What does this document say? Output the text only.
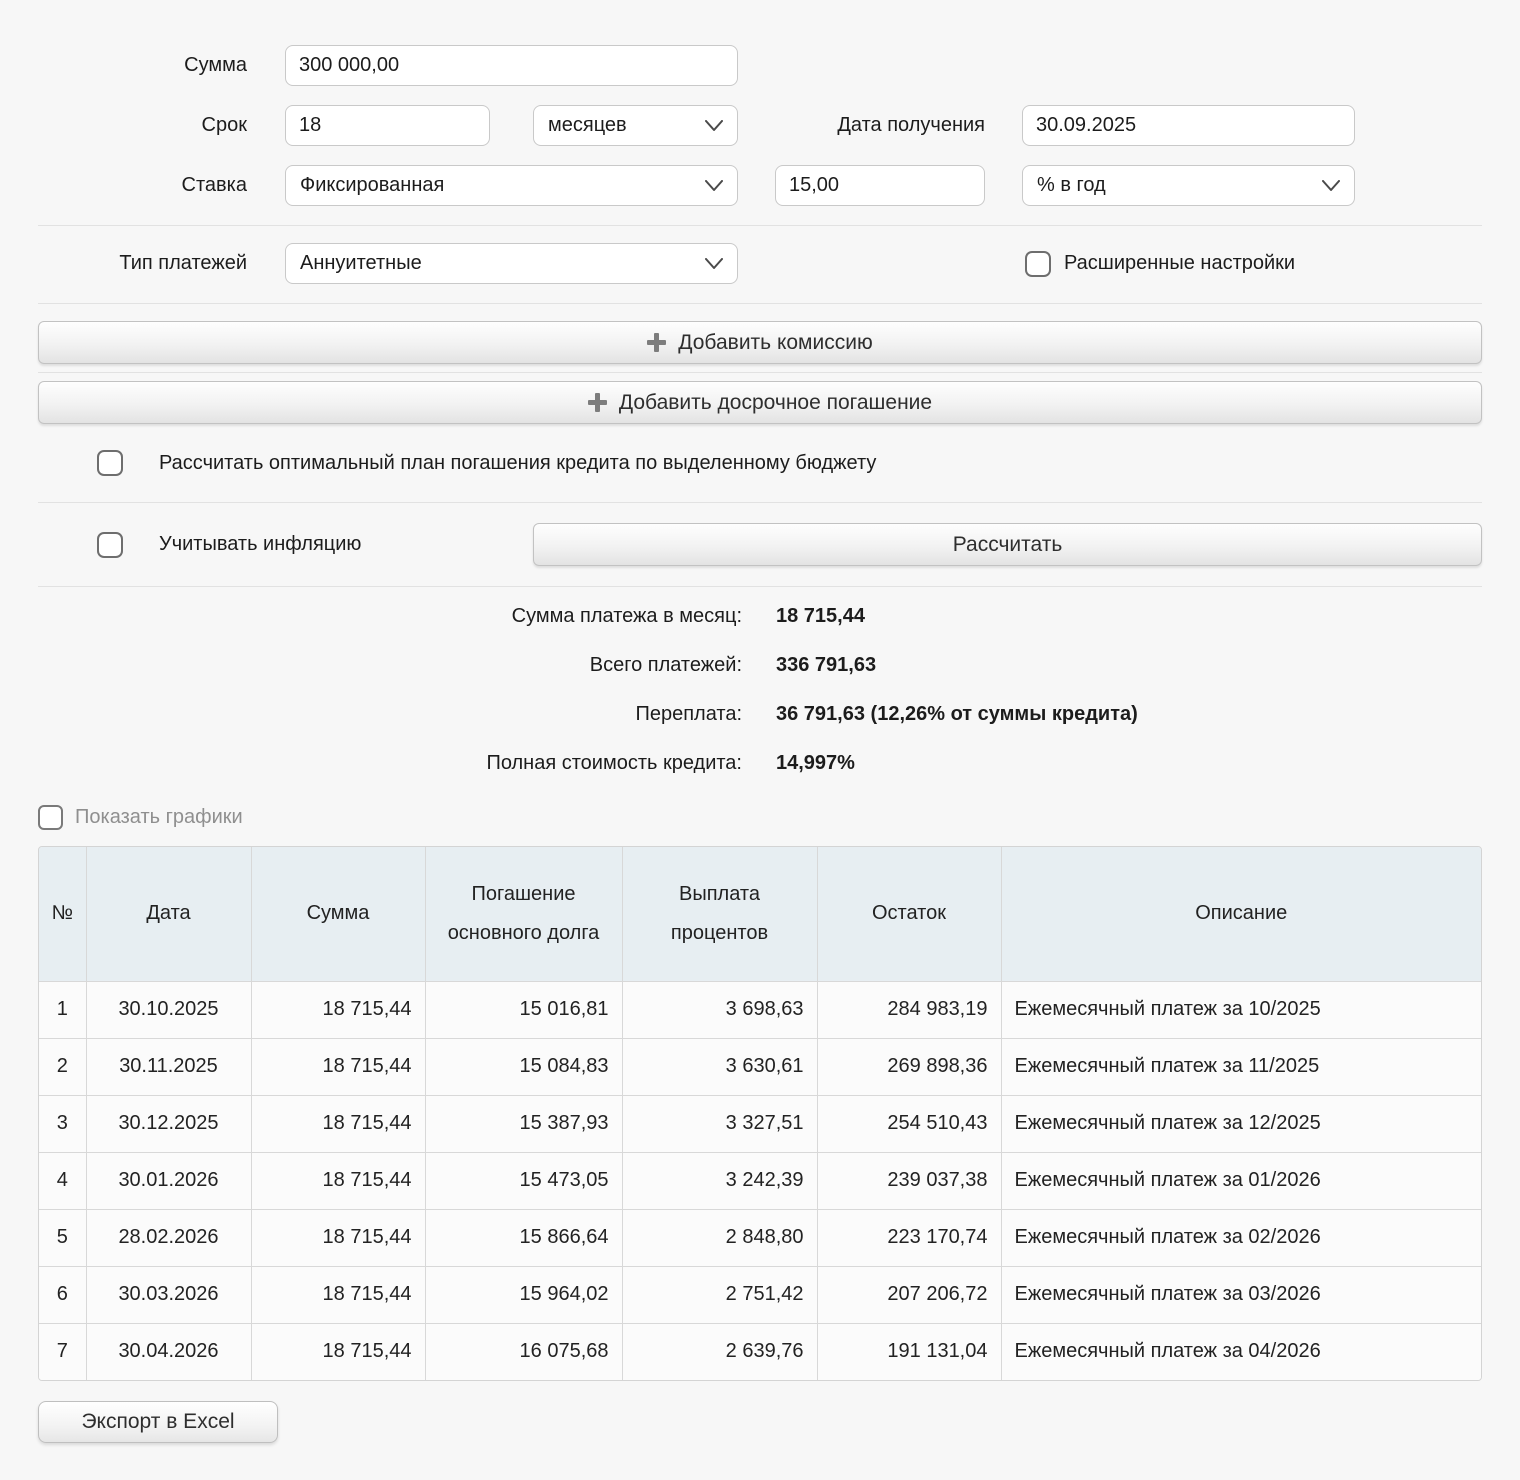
Сумма
300 000,00
Срок
18	месяцев	Дата получения
30.09.2025
Ставка	Фиксированная
15,00	% в год
Тип платежей	Аннуитетные	Расширенные настройки
Добавить комиссию
Добавить досрочное погашение
Рассчитать оптимальный план погашения кредита по выделенному бюджету
Учитывать инфляцию	Рассчитать
Сумма платежа в месяц: 18 715,44
Всего платежей: 336 791,63
Переплата: 36 791,63 (12,26% от суммы кредита)
Полная стоимость кредита: 14,997%
Показать графики
№	Дата	Сумма	Погашение основного долга	Выплата процентов	Остаток	Описание
1	30.10.2025	18 715,44	15 016,81	3 698,63	284 983,19	Ежемесячный платеж за 10/2025
2	30.11.2025	18 715,44	15 084,83	3 630,61	269 898,36	Ежемесячный платеж за 11/2025
3	30.12.2025	18 715,44	15 387,93	3 327,51	254 510,43	Ежемесячный платеж за 12/2025
4	30.01.2026	18 715,44	15 473,05	3 242,39	239 037,38	Ежемесячный платеж за 01/2026
5	28.02.2026	18 715,44	15 866,64	2 848,80	223 170,74	Ежемесячный платеж за 02/2026
6	30.03.2026	18 715,44	15 964,02	2 751,42	207 206,72	Ежемесячный платеж за 03/2026
7	30.04.2026	18 715,44	16 075,68	2 639,76	191 131,04	Ежемесячный платеж за 04/2026
Экспорт в Excel
